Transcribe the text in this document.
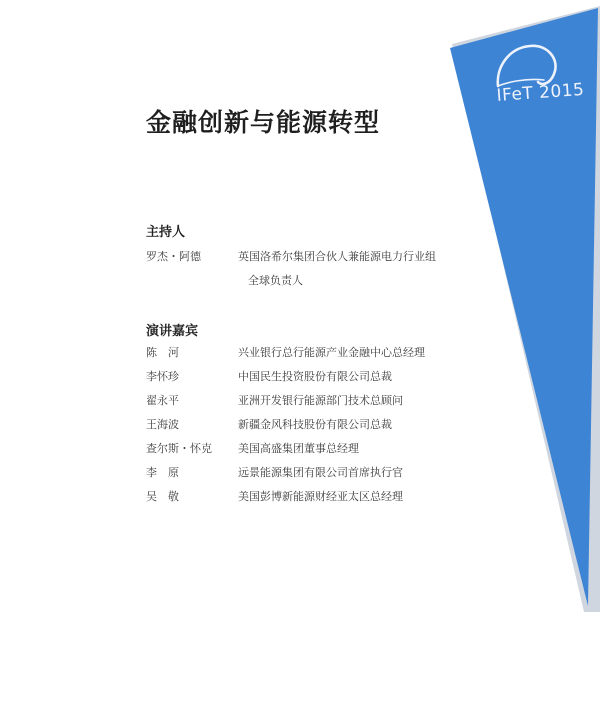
IFeT 2015
金融创新与能源转型
主持人
罗杰・阿德	英国洛希尔集团合伙人兼能源电力行业组
全球负责人
演讲嘉宾
陈　河	兴业银行总行能源产业金融中心总经理
李怀珍	中国民生投资股份有限公司总裁
翟永平	亚洲开发银行能源部门技术总顾问
王海波	新疆金风科技股份有限公司总裁
查尔斯・怀克 美国高盛集团董事总经理
李　原	远景能源集团有限公司首席执行官
吴　敬	美国彭博新能源财经亚太区总经理
